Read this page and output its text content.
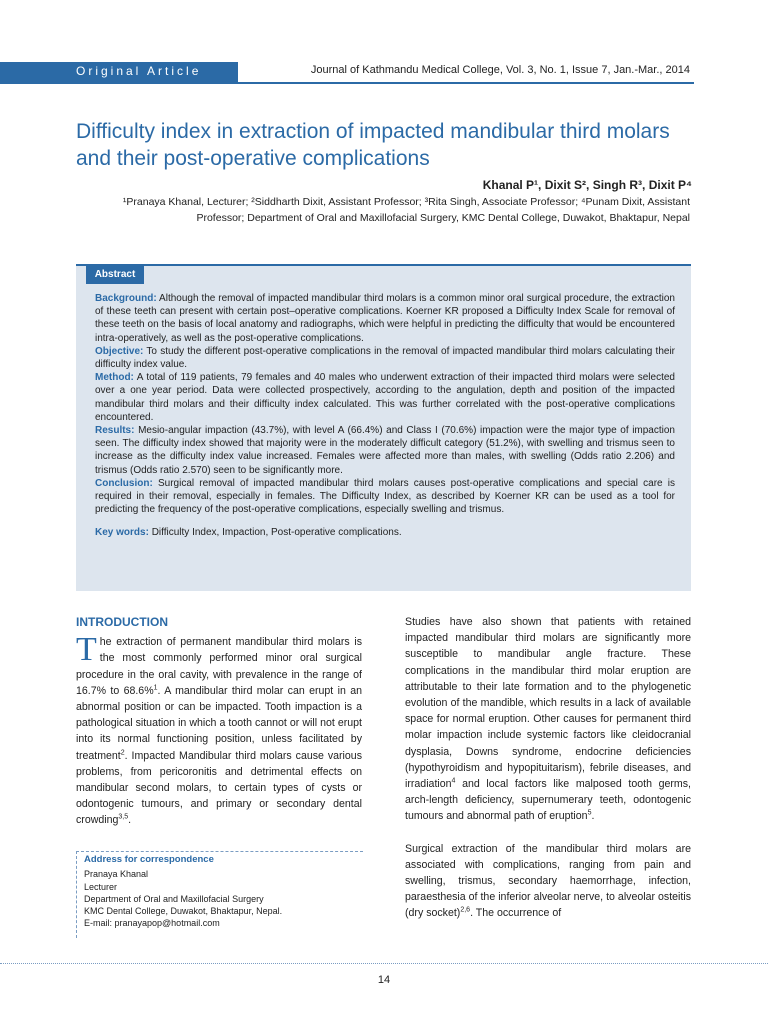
Original Article	Journal of Kathmandu Medical College, Vol. 3, No. 1, Issue 7, Jan.-Mar., 2014
Difficulty index in extraction of impacted mandibular third molars and their post-operative complications
Khanal P¹, Dixit S², Singh R³, Dixit P⁴
¹Pranaya Khanal, Lecturer; ²Siddharth Dixit, Assistant Professor; ³Rita Singh, Associate Professor; ⁴Punam Dixit, Assistant
Professor; Department of Oral and Maxillofacial Surgery, KMC Dental College, Duwakot, Bhaktapur, Nepal
Abstract

Background: Although the removal of impacted mandibular third molars is a common minor oral surgical procedure, the extraction of these teeth can present with certain post–operative complications. Koerner KR proposed a Difficulty Index Scale for removal of these teeth on the basis of local anatomy and radiographs, which were helpful in predicting the difficulty that would be encountered intra-operatively, as well as the post-operative complications.

Objective: To study the different post-operative complications in the removal of impacted mandibular third molars calculating their difficulty index value.

Method: A total of 119 patients, 79 females and 40 males who underwent extraction of their impacted third molars were selected over a one year period. Data were collected prospectively, according to the angulation, depth and position of the impacted mandibular third molars and their difficulty index calculated. This was further correlated with the post-operative complications encountered.

Results: Mesio-angular impaction (43.7%), with level A (66.4%) and Class I (70.6%) impaction were the major type of impaction seen. The difficulty index showed that majority were in the moderately difficult category (51.2%), with swelling and trismus seen to increase as the difficulty index value increased. Females were affected more than males, with swelling (Odds ratio 2.206) and trismus (Odds ratio 2.570) seen to be significantly more.

Conclusion: Surgical removal of impacted mandibular third molars causes post-operative complications and special care is required in their removal, especially in females. The Difficulty Index, as described by Koerner KR can be used as a tool for predicting the frequency of the post-operative complications, especially swelling and trismus.

Key words: Difficulty Index, Impaction, Post-operative complications.

INTRODUCTION

The extraction of permanent mandibular third molars is the most commonly performed minor oral surgical procedure in the oral cavity, with prevalence in the range of 16.7% to 68.6%$^1$. A mandibular third molar can erupt in an abnormal position or can be impacted. Tooth impaction is a pathological situation in which a tooth cannot or will not erupt into its normal functioning position, unless facilitated by treatment$^2$. Impacted Mandibular third molars cause various problems, from pericoronitis and detrimental effects on mandibular second molars, to certain types of cysts or odontogenic tumours, and primary or secondary dental crowding$^{3,5}$.

Address for correspondence
Pranaya Khanal
Lecturer
Department of Oral and Maxillofacial Surgery
KMC Dental College, Duwakot, Bhaktapur, Nepal.
E-mail: pranayapop@hotmail.com

Studies have also shown that patients with retained impacted mandibular third molars are significantly more susceptible to mandibular angle fracture. These complications in the mandibular third molar eruption are attributable to their late formation and to the phylogenetic evolution of the mandible, which results in a lack of available space for normal eruption. Other causes for permanent third molar impaction include systemic factors like cleidocranial dysplasia, Downs syndrome, endocrine deficiencies (hypothyroidism and hypopituitarism), febrile diseases, and irradiation$^4$ and local factors like malposed tooth germs, arch-length deficiency, supernumerary teeth, odontogenic tumours and abnormal path of eruption$^5$.

Surgical extraction of the mandibular third molars are associated with complications, ranging from pain and swelling, trismus, secondary haemorrhage, infection, paraesthesia of the inferior alveolar nerve, to alveolar osteitis (dry socket)$^{2,6}$. The occurrence of

14
